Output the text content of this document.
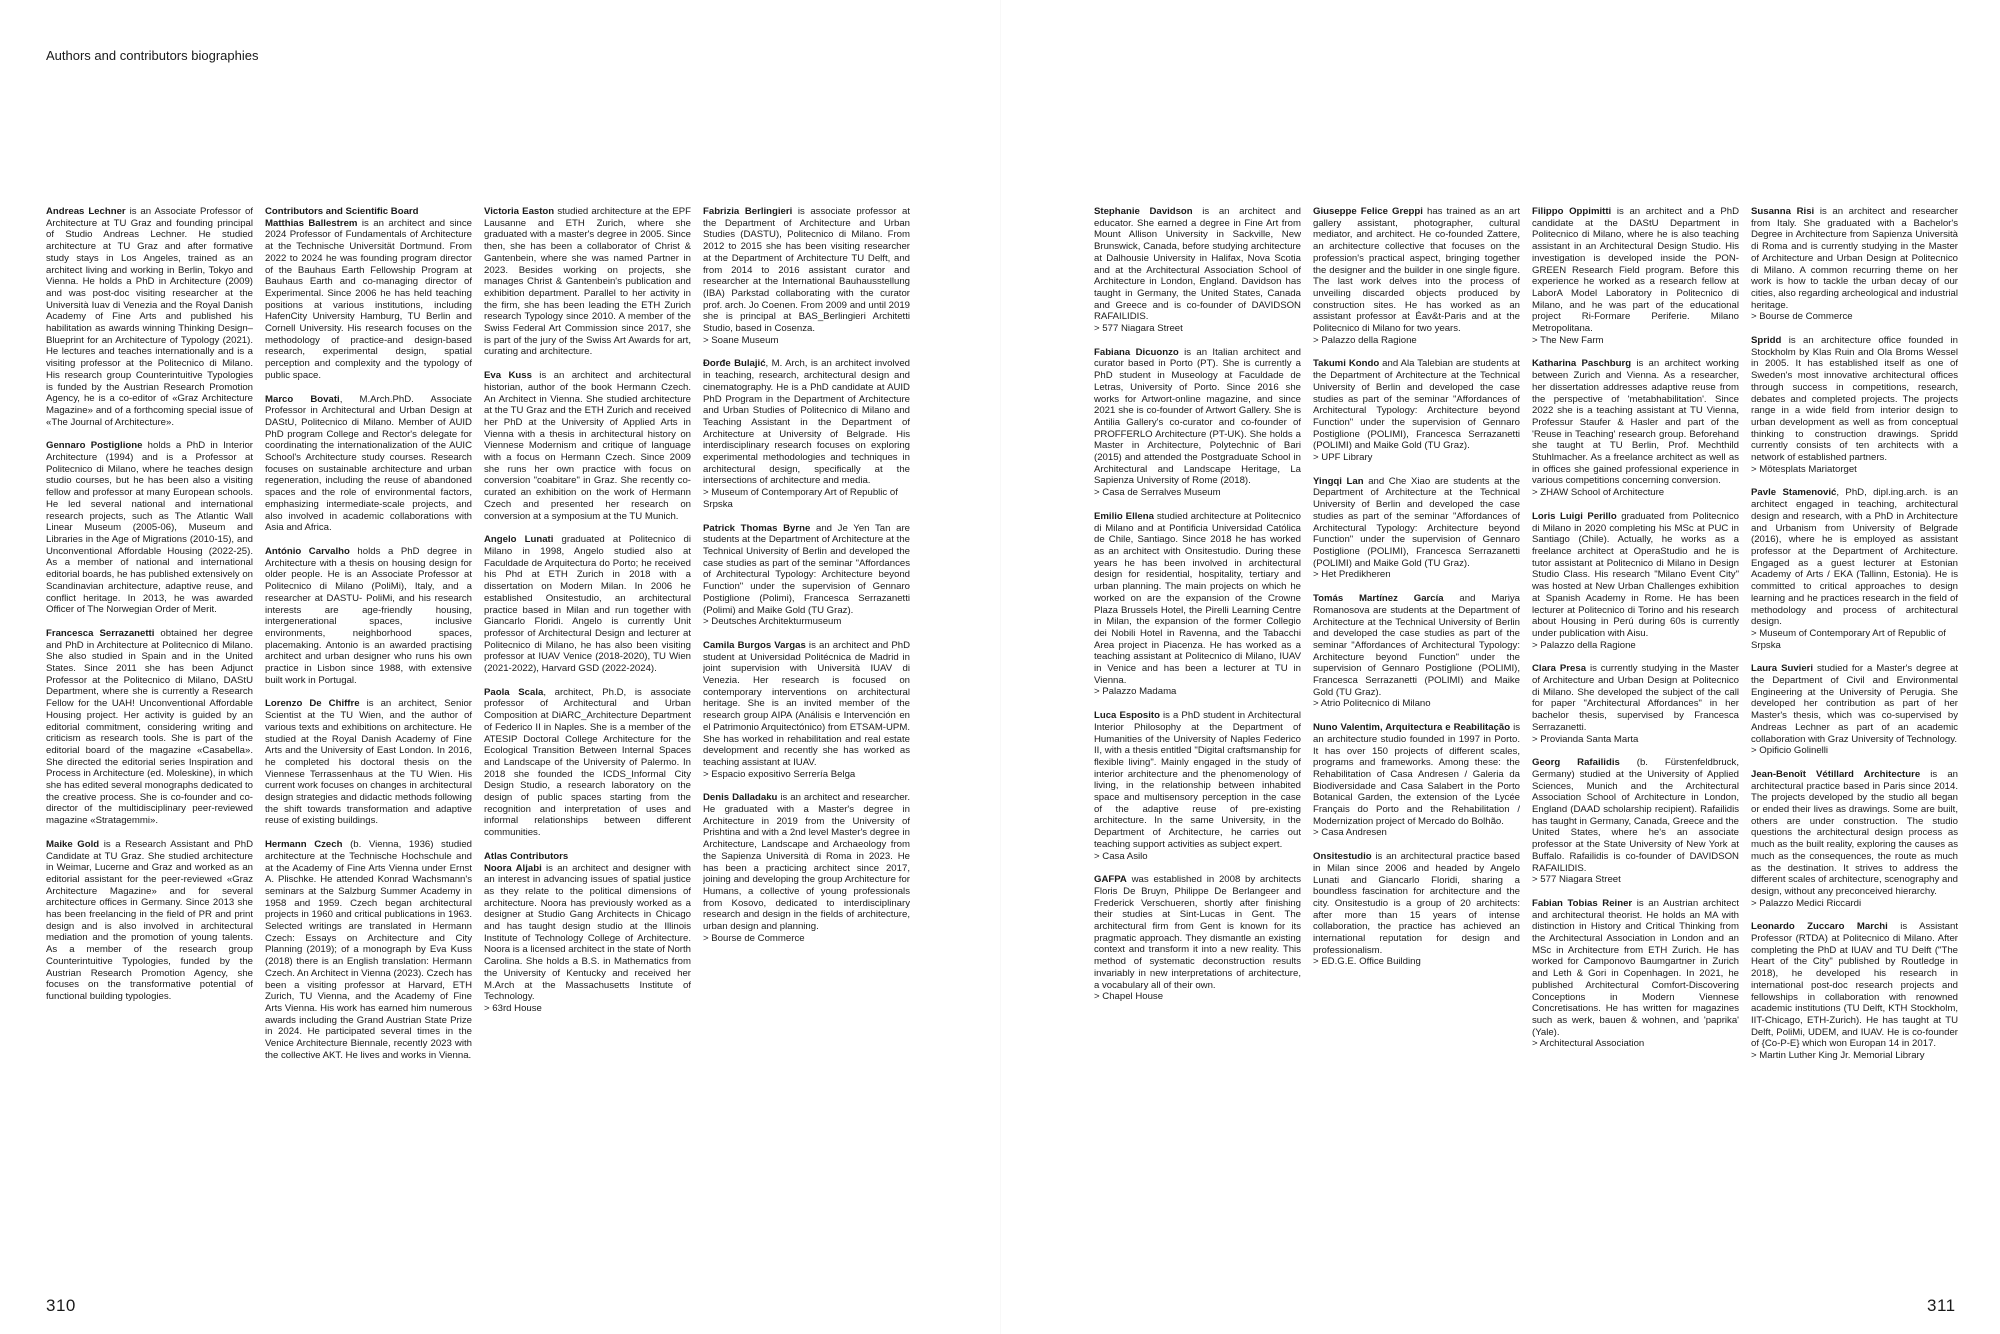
Authors and contributors biographies

Andreas Lechner is an Associate Professor of Architecture at TU Graz and founding principal of Studio Andreas Lechner. He studied architecture at TU Graz and after formative study stays in Los Angeles, trained as an architect living and working in Berlin, Tokyo and Vienna. He holds a PhD in Architecture (2009) and was post-doc visiting researcher at the Università Iuav di Venezia and the Royal Danish Academy of Fine Arts and published his habilitation as awards winning Thinking Design– Blueprint for an Architecture of Typology (2021). He lectures and teaches internationally and is a visiting professor at the Politecnico di Milano. His research group Counterintuitive Typologies is funded by the Austrian Research Promotion Agency, he is a co-editor of «Graz Architecture Magazine» and of a forthcoming special issue of «The Journal of Architecture».

Gennaro Postiglione holds a PhD in Interior Architecture (1994) and is a Professor at Politecnico di Milano, where he teaches design studio courses, but he has been also a visiting fellow and professor at many European schools. He led several national and international research projects, such as The Atlantic Wall Linear Museum (2005-06), Museum and Libraries in the Age of Migrations (2010-15), and Unconventional Affordable Housing (2022-25). As a member of national and international editorial boards, he has published extensively on Scandinavian architecture, adaptive reuse, and conflict heritage. In 2013, he was awarded Officer of The Norwegian Order of Merit.

Francesca Serrazanetti obtained her degree and PhD in Architecture at Politecnico di Milano. She also studied in Spain and in the United States. Since 2011 she has been Adjunct Professor at the Politecnico di Milano, DAStU Department, where she is currently a Research Fellow for the UAH! Unconventional Affordable Housing project. Her activity is guided by an editorial commitment, considering writing and criticism as research tools. She is part of the editorial board of the magazine «Casabella». She directed the editorial series Inspiration and Process in Architecture (ed. Moleskine), in which she has edited several monographs dedicated to the creative process. She is co-founder and co-director of the multidisciplinary peer-reviewed magazine «Stratagemmi».

Maike Gold is a Research Assistant and PhD Candidate at TU Graz. She studied architecture in Weimar, Lucerne and Graz and worked as an editorial assistant for the peer-reviewed «Graz Architecture Magazine» and for several architecture offices in Germany. Since 2013 she has been freelancing in the field of PR and print design and is also involved in architectural mediation and the promotion of young talents. As a member of the research group Counterintuitive Typologies, funded by the Austrian Research Promotion Agency, she focuses on the transformative potential of functional building typologies.

Contributors and Scientific Board

Matthias Ballestrem is an architect and since 2024 Professor of Fundamentals of Architecture at the Technische Universität Dortmund. From 2022 to 2024 he was founding program director of the Bauhaus Earth Fellowship Program at Bauhaus Earth and co-managing director of Experimental. Since 2006 he has held teaching positions at various institutions, including HafenCity University Hamburg, TU Berlin and Cornell University. His research focuses on the methodology of practice-and design-based research, experimental design, spatial perception and complexity and the typology of public space.

Marco Bovati, M.Arch.PhD. Associate Professor in Architectural and Urban Design at DAStU, Politecnico di Milano. Member of AUID PhD program College and Rector's delegate for coordinating the internationalization of the AUIC School's Architecture study courses. Research focuses on sustainable architecture and urban regeneration, including the reuse of abandoned spaces and the role of environmental factors, emphasizing intermediate-scale projects, and also involved in academic collaborations with Asia and Africa.

António Carvalho holds a PhD degree in Architecture with a thesis on housing design for older people. He is an Associate Professor at Politecnico di Milano (PoliMi), Italy, and a researcher at DASTU- PoliMi, and his research interests are age-friendly housing, intergenerational spaces, inclusive environments, neighborhood spaces, placemaking. Antonio is an awarded practising architect and urban designer who runs his own practice in Lisbon since 1988, with extensive built work in Portugal.

Lorenzo De Chiffre is an architect, Senior Scientist at the TU Wien, and the author of various texts and exhibitions on architecture. He studied at the Royal Danish Academy of Fine Arts and the University of East London. In 2016, he completed his doctoral thesis on the Viennese Terrassenhaus at the TU Wien. His current work focuses on changes in architectural design strategies and didactic methods following the shift towards transformation and adaptive reuse of existing buildings.

Hermann Czech (b. Vienna, 1936) studied architecture at the Technische Hochschule and at the Academy of Fine Arts Vienna under Ernst A. Plischke. He attended Konrad Wachsmann's seminars at the Salzburg Summer Academy in 1958 and 1959. Czech began architectural projects in 1960 and critical publications in 1963. Selected writings are translated in Hermann Czech: Essays on Architecture and City Planning (2019); of a monograph by Eva Kuss (2018) there is an English translation: Hermann Czech. An Architect in Vienna (2023). Czech has been a visiting professor at Harvard, ETH Zurich, TU Vienna, and the Academy of Fine Arts Vienna. His work has earned him numerous awards including the Grand Austrian State Prize in 2024. He participated several times in the Venice Architecture Biennale, recently 2023 with the collective AKT. He lives and works in Vienna.

Victoria Easton studied architecture at the EPF Lausanne and ETH Zurich, where she graduated with a master's degree in 2005. Since then, she has been a collaborator of Christ & Gantenbein, where she was named Partner in 2023. Besides working on projects, she manages Christ & Gantenbein's publication and exhibition department. Parallel to her activity in the firm, she has been leading the ETH Zurich research Typology since 2010. A member of the Swiss Federal Art Commission since 2017, she is part of the jury of the Swiss Art Awards for art, curating and architecture.

Eva Kuss is an architect and architectural historian, author of the book Hermann Czech. An Architect in Vienna. She studied architecture at the TU Graz and the ETH Zurich and received her PhD at the University of Applied Arts in Vienna with a thesis in architectural history on Viennese Modernism and critique of language with a focus on Hermann Czech. Since 2009 she runs her own practice with focus on conversion "coabitare" in Graz. She recently co-curated an exhibition on the work of Hermann Czech and presented her research on conversion at a symposium at the TU Munich.

Angelo Lunati graduated at Politecnico di Milano in 1998, Angelo studied also at Faculdade de Arquitectura do Porto; he received his Phd at ETH Zurich in 2018 with a dissertation on Modern Milan. In 2006 he established Onsitestudio, an architectural practice based in Milan and run together with Giancarlo Floridi. Angelo is currently Unit professor of Architectural Design and lecturer at Politecnico di Milano, he has also been visiting professor at IUAV Venice (2018-2020), TU Wien (2021-2022), Harvard GSD (2022-2024).

Paola Scala, architect, Ph.D, is associate professor of Architectural and Urban Composition at DiARC_Architecture Department of Federico II in Naples. She is a member of the ATESIP Doctoral College Architecture for the Ecological Transition Between Internal Spaces and Landscape of the University of Palermo. In 2018 she founded the ICDS_Informal City Design Studio, a research laboratory on the design of public spaces starting from the recognition and interpretation of uses and informal relationships between different communities.

Atlas Contributors

Noora Aljabi is an architect and designer with an interest in advancing issues of spatial justice as they relate to the political dimensions of architecture. Noora has previously worked as a designer at Studio Gang Architects in Chicago and has taught design studio at the Illinois Institute of Technology College of Architecture. Noora is a licensed architect in the state of North Carolina. She holds a B.S. in Mathematics from the University of Kentucky and received her M.Arch at the Massachusetts Institute of Technology.
> 63rd House

Fabrizia Berlingieri is associate professor at the Department of Architecture and Urban Studies (DASTU), Politecnico di Milano. From 2012 to 2015 she has been visiting researcher at the Department of Architecture TU Delft, and from 2014 to 2016 assistant curator and researcher at the International Bauhausstellung (IBA) Parkstad collaborating with the curator prof. arch. Jo Coenen. From 2009 and until 2019 she is principal at BAS_Berlingieri Architetti Studio, based in Cosenza.
> Soane Museum

Đorđe Bulajić, M. Arch, is an architect involved in teaching, research, architectural design and cinematography. He is a PhD candidate at AUID PhD Program in the Department of Architecture and Urban Studies of Politecnico di Milano and Teaching Assistant in the Department of Architecture at University of Belgrade. His interdisciplinary research focuses on exploring experimental methodologies and techniques in architectural design, specifically at the intersections of architecture and media.
> Museum of Contemporary Art of Republic of Srpska

Patrick Thomas Byrne and Je Yen Tan are students at the Department of Architecture at the Technical University of Berlin and developed the case studies as part of the seminar "Affordances of Architectural Typology: Architecture beyond Function" under the supervision of Gennaro Postiglione (Polimi), Francesca Serrazanetti (Polimi) and Maike Gold (TU Graz).
> Deutsches Architekturmuseum

Camila Burgos Vargas is an architect and PhD student at Universidad Politécnica de Madrid in joint supervision with Università IUAV di Venezia. Her research is focused on contemporary interventions on architectural heritage. She is an invited member of the research group AIPA (Análisis e Intervención en el Patrimonio Arquitectónico) from ETSAM-UPM. She has worked in rehabilitation and real estate development and recently she has worked as teaching assistant at IUAV.
> Espacio expositivo Serrería Belga

Denis Dalladaku is an architect and researcher. He graduated with a Master's degree in Architecture in 2019 from the University of Prishtina and with a 2nd level Master's degree in Architecture, Landscape and Archaeology from the Sapienza Università di Roma in 2023. He has been a practicing architect since 2017, joining and developing the group Architecture for Humans, a collective of young professionals from Kosovo, dedicated to interdisciplinary research and design in the fields of architecture, urban design and planning.
> Bourse de Commerce

Stephanie Davidson is an architect and educator. She earned a degree in Fine Art from Mount Allison University in Sackville, New Brunswick, Canada, before studying architecture at Dalhousie University in Halifax, Nova Scotia and at the Architectural Association School of Architecture in London, England. Davidson has taught in Germany, the United States, Canada and Greece and is co-founder of DAVIDSON RAFAILIDIS.
> 577 Niagara Street

Fabiana Dicuonzo is an Italian architect and curator based in Porto (PT). She is currently a PhD student in Museology at Faculdade de Letras, University of Porto. Since 2016 she works for Artwort-online magazine, and since 2021 she is co-founder of Artwort Gallery. She is Antilia Gallery's co-curator and co-founder of PROFFERLO Architecture (PT-UK). She holds a Master in Architecture, Polytechnic of Bari (2015) and attended the Postgraduate School in Architectural and Landscape Heritage, La Sapienza University of Rome (2018).
> Casa de Serralves Museum

Emilio Ellena studied architecture at Politecnico di Milano and at Pontificia Universidad Católica de Chile, Santiago. Since 2018 he has worked as an architect with Onsitestudio. During these years he has been involved in architectural design for residential, hospitality, tertiary and urban planning. The main projects on which he worked on are the expansion of the Crowne Plaza Brussels Hotel, the Pirelli Learning Centre in Milan, the expansion of the former Collegio dei Nobili Hotel in Ravenna, and the Tabacchi Area project in Piacenza. He has worked as a teaching assistant at Politecnico di Milano, IUAV in Venice and has been a lecturer at TU in Vienna.
> Palazzo Madama

Luca Esposito is a PhD student in Architectural Interior Philosophy at the Department of Humanities of the University of Naples Federico II, with a thesis entitled "Digital craftsmanship for flexible living". Mainly engaged in the study of interior architecture and the phenomenology of living, in the relationship between inhabited space and multisensory perception in the case of the adaptive reuse of pre-existing architecture. In the same University, in the Department of Architecture, he carries out teaching support activities as subject expert.
> Casa Asilo

GAFPA was established in 2008 by architects Floris De Bruyn, Philippe De Berlangeer and Frederick Verschueren, shortly after finishing their studies at Sint-Lucas in Gent. The architectural firm from Gent is known for its pragmatic approach. They dismantle an existing context and transform it into a new reality. This method of systematic deconstruction results invariably in new interpretations of architecture, a vocabulary all of their own.
> Chapel House

Giuseppe Felice Greppi has trained as an art gallery assistant, photographer, cultural mediator, and architect. He co-founded Zattere, an architecture collective that focuses on the profession's practical aspect, bringing together the designer and the builder in one single figure. The last work delves into the process of unveiling discarded objects produced by construction sites. He has worked as an assistant professor at Éav&t-Paris and at the Politecnico di Milano for two years.
> Palazzo della Ragione

Takumi Kondo and Ala Talebian are students at the Department of Architecture at the Technical University of Berlin and developed the case studies as part of the seminar "Affordances of Architectural Typology: Architecture beyond Function" under the supervision of Gennaro Postiglione (POLIMI), Francesca Serrazanetti (POLIMI) and Maike Gold (TU Graz).
> UPF Library

Yingqi Lan and Che Xiao are students at the Department of Architecture at the Technical University of Berlin and developed the case studies as part of the seminar "Affordances of Architectural Typology: Architecture beyond Function" under the supervision of Gennaro Postiglione (POLIMI), Francesca Serrazanetti (POLIMI) and Maike Gold (TU Graz).
> Het Predikheren

Tomás Martínez García and Mariya Romanosova are students at the Department of Architecture at the Technical University of Berlin and developed the case studies as part of the seminar "Affordances of Architectural Typology: Architecture beyond Function" under the supervision of Gennaro Postiglione (POLIMI), Francesca Serrazanetti (POLIMI) and Maike Gold (TU Graz).
> Atrio Politecnico di Milano

Nuno Valentim, Arquitectura e Reabilitação is an architecture studio founded in 1997 in Porto. It has over 150 projects of different scales, programs and frameworks. Among these: the Rehabilitation of Casa Andresen / Galeria da Biodiversidade and Casa Salabert in the Porto Botanical Garden, the extension of the Lycée Français do Porto and the Rehabilitation / Modernization project of Mercado do Bolhão.
> Casa Andresen

Onsitestudio is an architectural practice based in Milan since 2006 and headed by Angelo Lunati and Giancarlo Floridi, sharing a boundless fascination for architecture and the city. Onsitestudio is a group of 20 architects: after more than 15 years of intense collaboration, the practice has achieved an international reputation for design and professionalism.
> ED.G.E. Office Building

Filippo Oppimitti is an architect and a PhD candidate at the DAStU Department in Politecnico di Milano, where he is also teaching assistant in an Architectural Design Studio. His investigation is developed inside the PON-GREEN Research Field program. Before this experience he worked as a research fellow at LaborA Model Laboratory in Politecnico di Milano, and he was part of the educational project Ri-Formare Periferie. Milano Metropolitana.
> The New Farm

Katharina Paschburg is an architect working between Zurich and Vienna. As a researcher, her dissertation addresses adaptive reuse from the perspective of 'metabhabilitation'. Since 2022 she is a teaching assistant at TU Vienna, Professur Staufer & Hasler and part of the 'Reuse in Teaching' research group. Beforehand she taught at TU Berlin, Prof. Mechthild Stuhlmacher. As a freelance architect as well as in offices she gained professional experience in various competitions concerning conversion.
> ZHAW School of Architecture

Loris Luigi Perillo graduated from Politecnico di Milano in 2020 completing his MSc at PUC in Santiago (Chile). Actually, he works as a freelance architect at OperaStudio and he is tutor assistant at Politecnico di Milano in Design Studio Class. His research "Milano Event City" was hosted at New Urban Challenges exhibition at Spanish Academy in Rome. He has been lecturer at Politecnico di Torino and his research about Housing in Perú during 60s is currently under publication with Aisu.
> Palazzo della Ragione

Clara Presa is currently studying in the Master of Architecture and Urban Design at Politecnico di Milano. She developed the subject of the call for paper "Architectural Affordances" in her bachelor thesis, supervised by Francesca Serrazanetti.
> Provianda Santa Marta

Georg Rafailidis (b. Fürstenfeldbruck, Germany) studied at the University of Applied Sciences, Munich and the Architectural Association School of Architecture in London, England (DAAD scholarship recipient). Rafailidis has taught in Germany, Canada, Greece and the United States, where he's an associate professor at the State University of New York at Buffalo. Rafailidis is co-founder of DAVIDSON RAFAILIDIS.
> 577 Niagara Street

Fabian Tobias Reiner is an Austrian architect and architectural theorist. He holds an MA with distinction in History and Critical Thinking from the Architectural Association in London and an MSc in Architecture from ETH Zurich. He has worked for Camponovo Baumgartner in Zurich and Leth & Gori in Copenhagen. In 2021, he published Architectural Comfort-Discovering Conceptions in Modern Viennese Concretisations. He has written for magazines such as werk, bauen & wohnen, and 'paprika' (Yale).
> Architectural Association

Susanna Risi is an architect and researcher from Italy. She graduated with a Bachelor's Degree in Architecture from Sapienza Università di Roma and is currently studying in the Master of Architecture and Urban Design at Politecnico di Milano. A common recurring theme on her work is how to tackle the urban decay of our cities, also regarding archeological and industrial heritage.
> Bourse de Commerce

Spridd is an architecture office founded in Stockholm by Klas Ruin and Ola Broms Wessel in 2005. It has established itself as one of Sweden's most innovative architectural offices through success in competitions, research, debates and completed projects. The projects range in a wide field from interior design to urban development as well as from conceptual thinking to construction drawings. Spridd currently consists of ten architects with a network of established partners.
> Mötesplats Mariatorget

Pavle Stamenović, PhD, dipl.ing.arch. is an architect engaged in teaching, architectural design and research, with a PhD in Architecture and Urbanism from University of Belgrade (2016), where he is employed as assistant professor at the Department of Architecture. Engaged as a guest lecturer at Estonian Academy of Arts / EKA (Tallinn, Estonia). He is committed to critical approaches to design learning and he practices research in the field of methodology and process of architectural design.
> Museum of Contemporary Art of Republic of Srpska

Laura Suvieri studied for a Master's degree at the Department of Civil and Environmental Engineering at the University of Perugia. She developed her contribution as part of her Master's thesis, which was co-supervised by Andreas Lechner as part of an academic collaboration with Graz University of Technology.
> Opificio Golinelli

Jean-Benoît Vétillard Architecture is an architectural practice based in Paris since 2014. The projects developed by the studio all began or ended their lives as drawings. Some are built, others are under construction. The studio questions the architectural design process as much as the built reality, exploring the causes as much as the consequences, the route as much as the destination. It strives to address the different scales of architecture, scenography and design, without any preconceived hierarchy.
> Palazzo Medici Riccardi

Leonardo Zuccaro Marchi is Assistant Professor (RTDA) at Politecnico di Milano. After completing the PhD at IUAV and TU Delft ("The Heart of the City" published by Routledge in 2018), he developed his research in international post-doc research projects and fellowships in collaboration with renowned academic institutions (TU Delft, KTH Stockholm, IIT-Chicago, ETH-Zurich). He has taught at TU Delft, PoliMi, UDEM, and IUAV. He is co-founder of {Co-P-E} which won Europan 14 in 2017.
> Martin Luther King Jr. Memorial Library

310	311
